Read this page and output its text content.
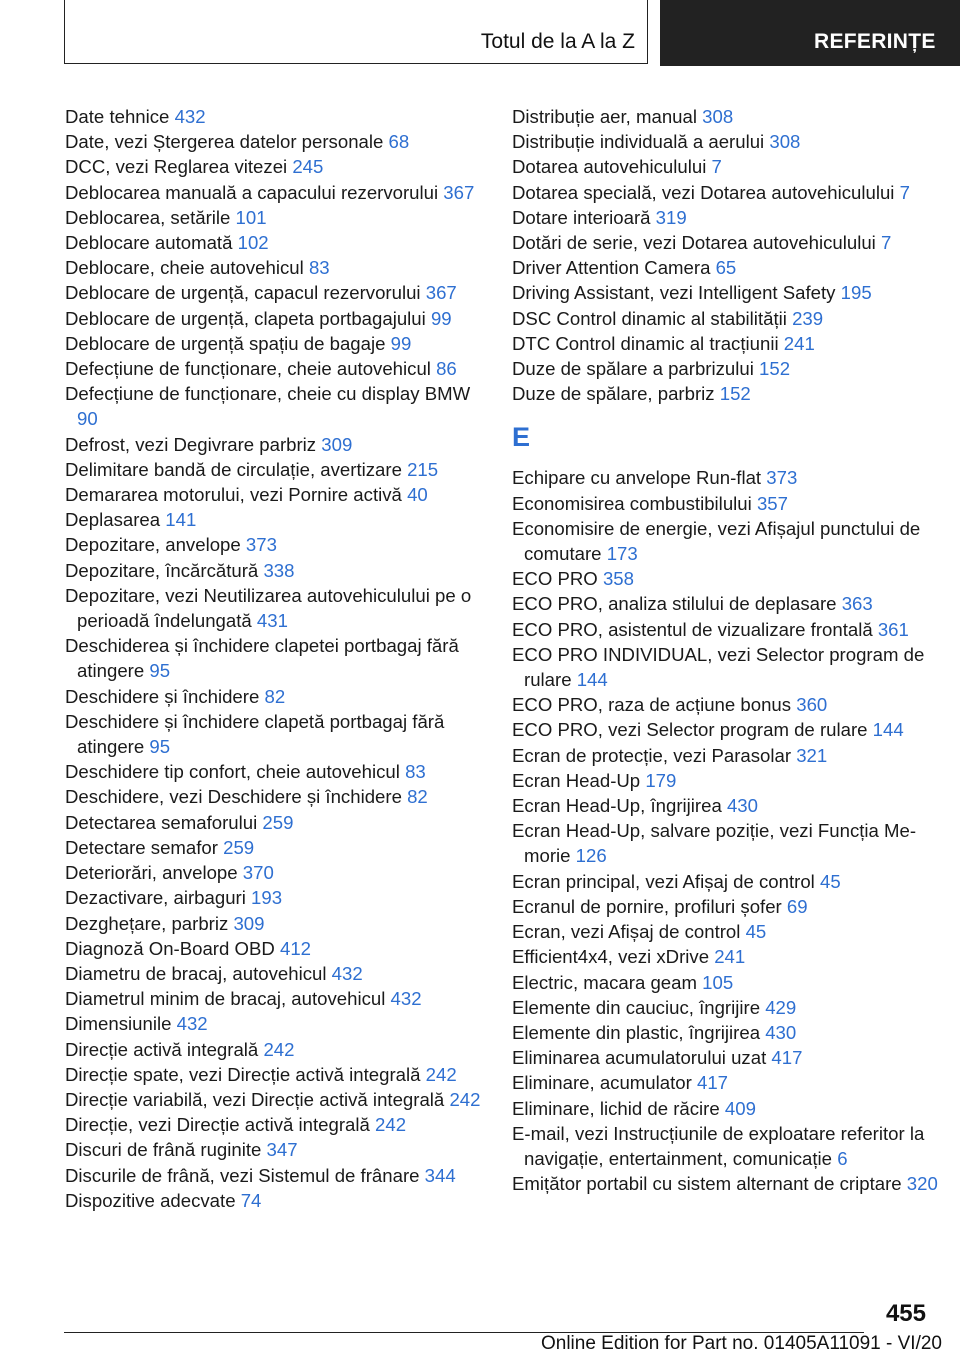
Totul de la A la Z	REFERINȚE
Date tehnice 432
Date, vezi Ștergerea datelor personale 68
DCC, vezi Reglarea vitezei 245
Deblocarea manuală a capacului rezervorului 367
Deblocarea, setările 101
Deblocare automată 102
Deblocare, cheie autovehicul 83
Deblocare de urgență, capacul rezervorului 367
Deblocare de urgență, clapeta portbagajului 99
Deblocare de urgență spațiu de bagaje 99
Defecțiune de funcționare, cheie autovehicul 86
Defecțiune de funcționare, cheie cu display BMW 90
Defrost, vezi Degivrare parbriz 309
Delimitare bandă de circulație, avertizare 215
Demararea motorului, vezi Pornire activă 40
Deplasarea 141
Depozitare, anvelope 373
Depozitare, încărcătură 338
Depozitare, vezi Neutilizarea autovehiculului pe o perioadă îndelungată 431
Deschiderea și închidere clapetei portbagaj fără atingere 95
Deschidere și închidere 82
Deschidere și închidere clapetă portbagaj fără atingere 95
Deschidere tip confort, cheie autovehicul 83
Deschidere, vezi Deschidere și închidere 82
Detectarea semaforului 259
Detectare semafor 259
Deteriorări, anvelope 370
Dezactivare, airbaguri 193
Dezghețare, parbriz 309
Diagnoză On-Board OBD 412
Diametru de bracaj, autovehicul 432
Diametrul minim de bracaj, autovehicul 432
Dimensiunile 432
Direcție activă integrală 242
Direcție spate, vezi Direcție activă integrală 242
Direcție variabilă, vezi Direcție activă integrală 242
Direcție, vezi Direcție activă integrală 242
Discuri de frână ruginite 347
Discurile de frână, vezi Sistemul de frânare 344
Dispozitive adecvate 74
Distribuție aer, manual 308
Distribuție individuală a aerului 308
Dotarea autovehiculului 7
Dotarea specială, vezi Dotarea autovehiculului 7
Dotare interioară 319
Dotări de serie, vezi Dotarea autovehiculului 7
Driver Attention Camera 65
Driving Assistant, vezi Intelligent Safety 195
DSC Control dinamic al stabilității 239
DTC Control dinamic al tracțiunii 241
Duze de spălare a parbrizului 152
Duze de spălare, parbriz 152
E
Echipare cu anvelope Run-flat 373
Economisirea combustibilului 357
Economisire de energie, vezi Afișajul punctului de comutare 173
ECO PRO 358
ECO PRO, analiza stilului de deplasare 363
ECO PRO, asistentul de vizualizare frontală 361
ECO PRO INDIVIDUAL, vezi Selector program de rulare 144
ECO PRO, raza de acțiune bonus 360
ECO PRO, vezi Selector program de rulare 144
Ecran de protecție, vezi Parasolar 321
Ecran Head-Up 179
Ecran Head-Up, îngrijirea 430
Ecran Head-Up, salvare poziție, vezi Funcția Memorie 126
Ecran principal, vezi Afișaj de control 45
Ecranul de pornire, profiluri șofer 69
Ecran, vezi Afișaj de control 45
Efficient4x4, vezi xDrive 241
Electric, macara geam 105
Elemente din cauciuc, îngrijire 429
Elemente din plastic, îngrijirea 430
Eliminarea acumulatorului uzat 417
Eliminare, acumulator 417
Eliminare, lichid de răcire 409
E-mail, vezi Instrucțiunile de exploatare referitor la navigație, entertainment, comunicație 6
Emițător portabil cu sistem alternant de criptare 320
455
Online Edition for Part no. 01405A11091 - VI/20
